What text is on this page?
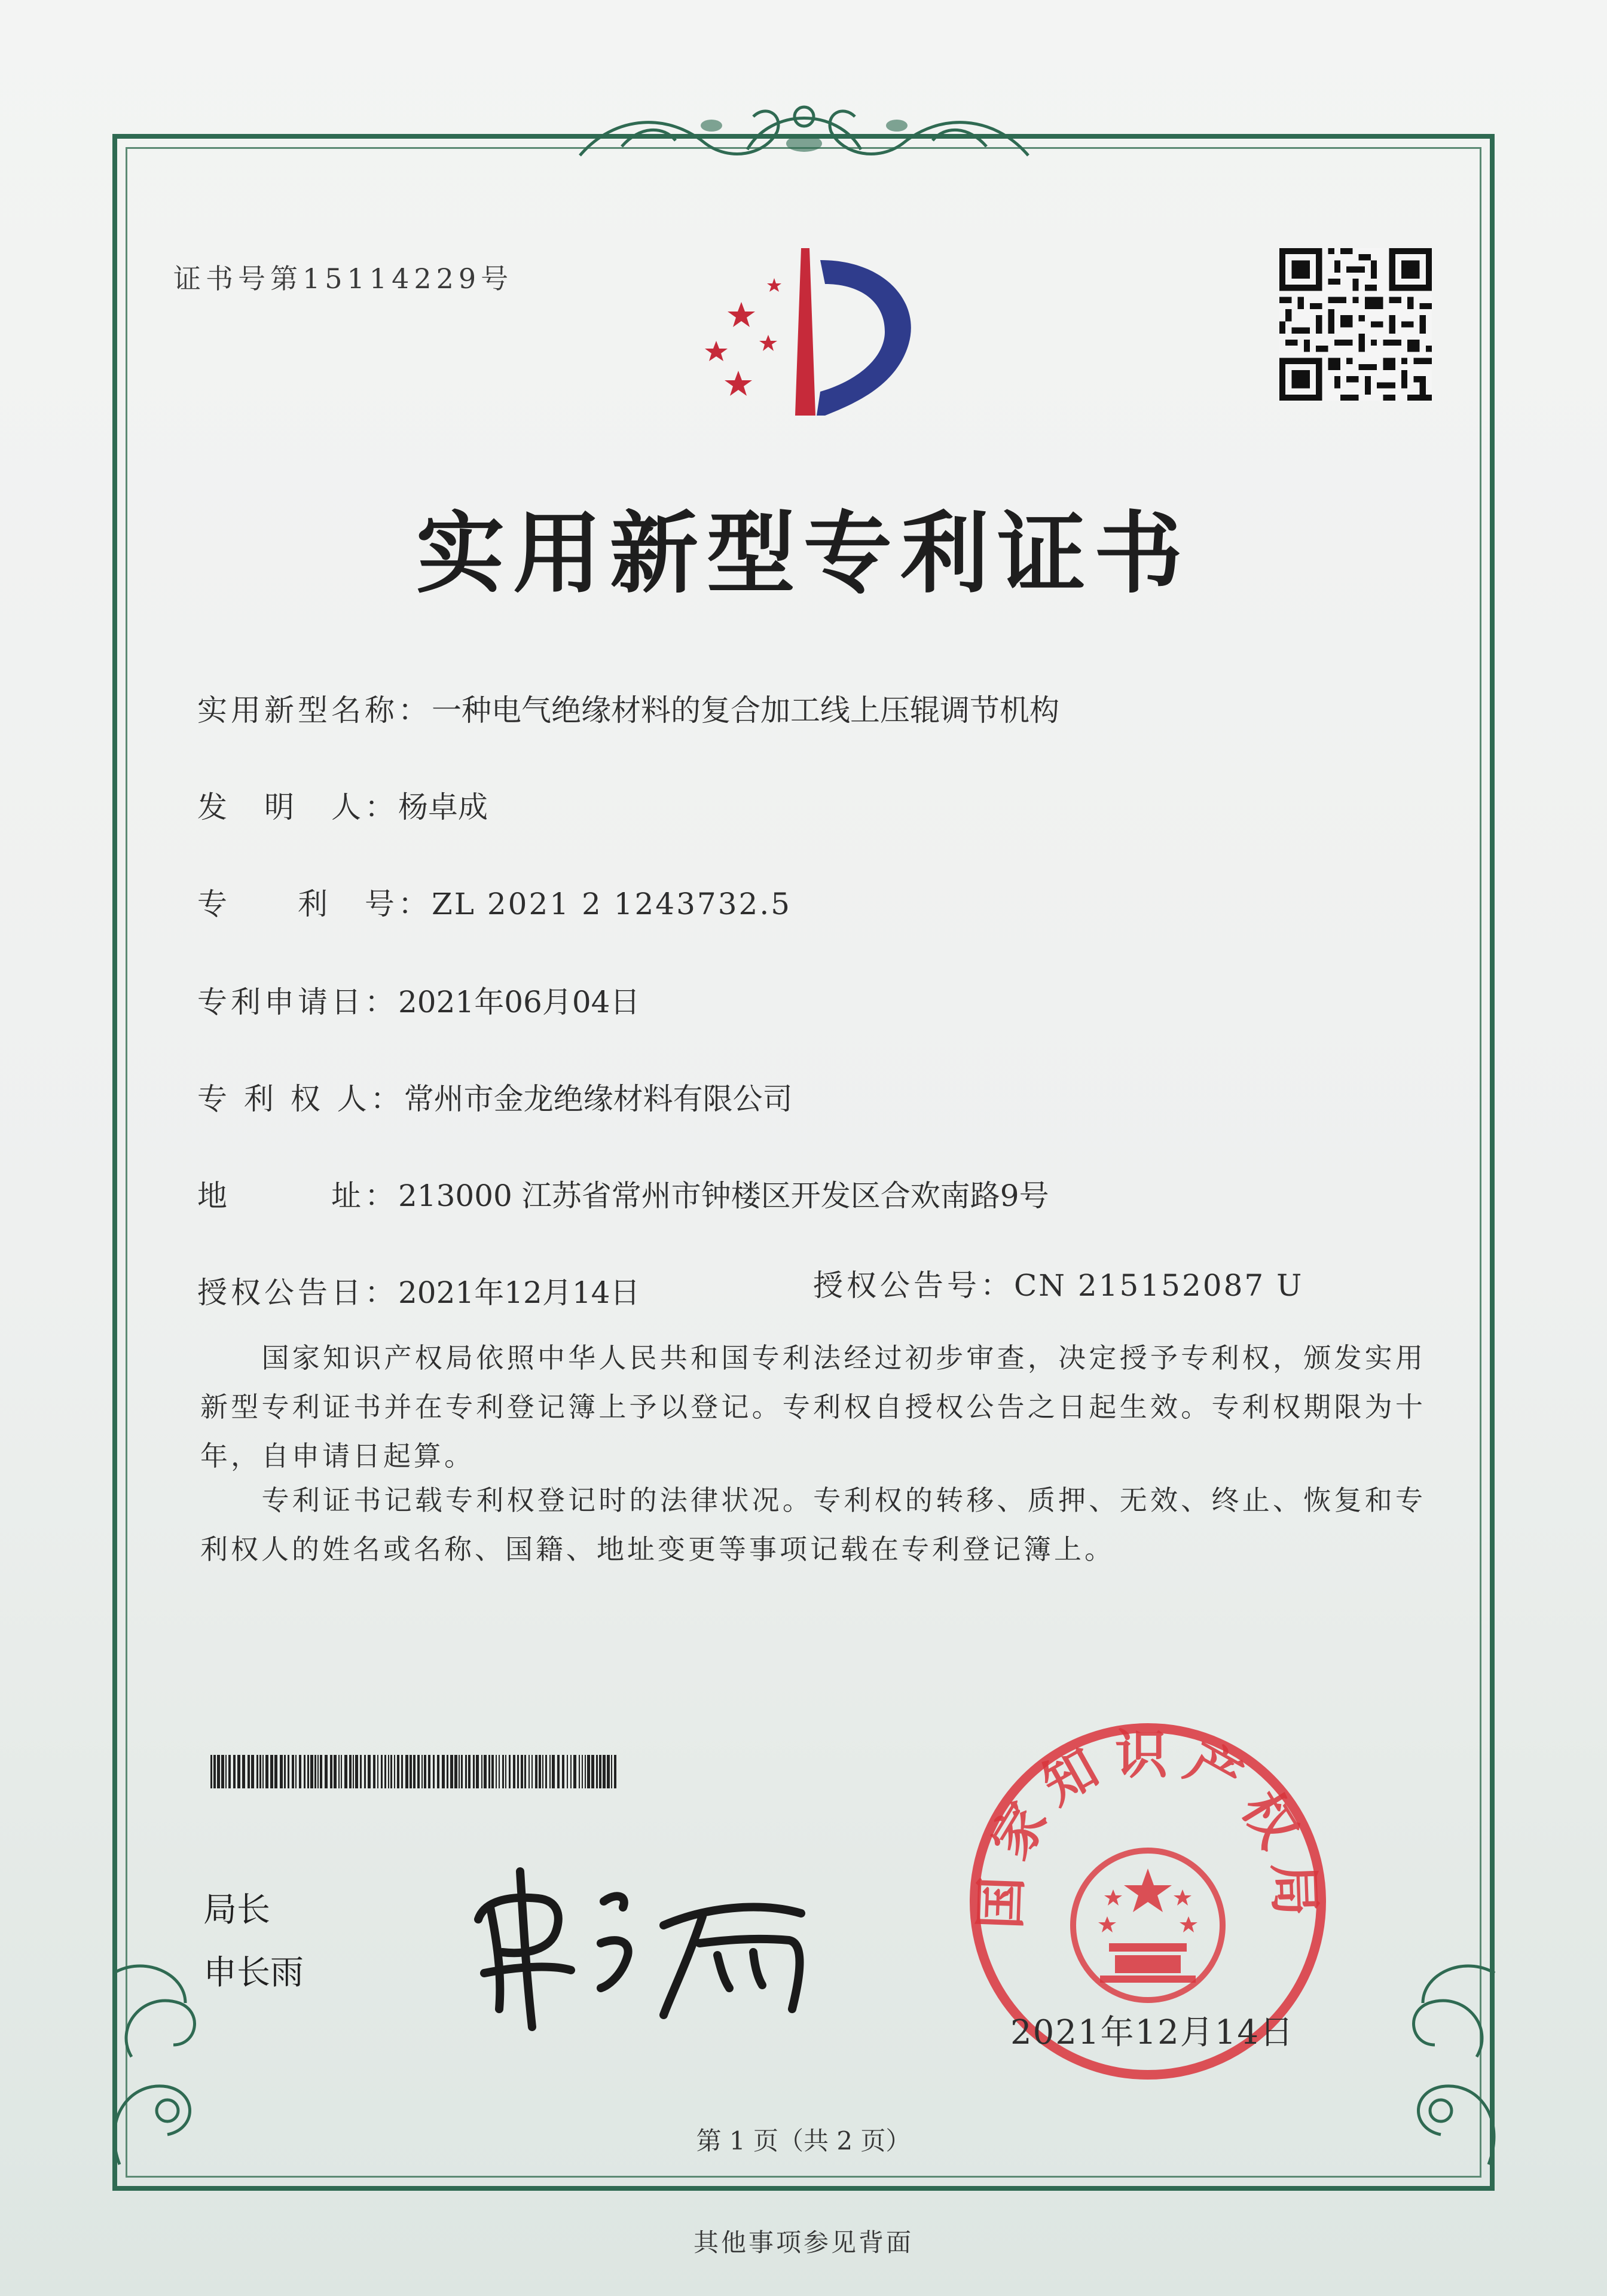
证书号第15114229号
实用新型专利证书
实用新型名称：一种电气绝缘材料的复合加工线上压辊调节机构
发　明　人：杨卓成
专　　利　号：ZL 2021 2 1243732.5
专利申请日：2021年06月04日
专 利 权 人：常州市金龙绝缘材料有限公司
地　　　址：213000 江苏省常州市钟楼区开发区合欢南路9号
授权公告日：2021年12月14日	授权公告号：CN 215152087 U
　　国家知识产权局依照中华人民共和国专利法经过初步审查，决定授予专利权，颁发实用新型专利证书并在专利登记簿上予以登记。专利权自授权公告之日起生效。专利权期限为十年，自申请日起算。
　　专利证书记载专利权登记时的法律状况。专利权的转移、质押、无效、终止、恢复和专利权人的姓名或名称、国籍、地址变更等事项记载在专利登记簿上。
局长
申长雨
国家知识产权局
2021年12月14日
第 1 页（共 2 页）
其他事项参见背面
